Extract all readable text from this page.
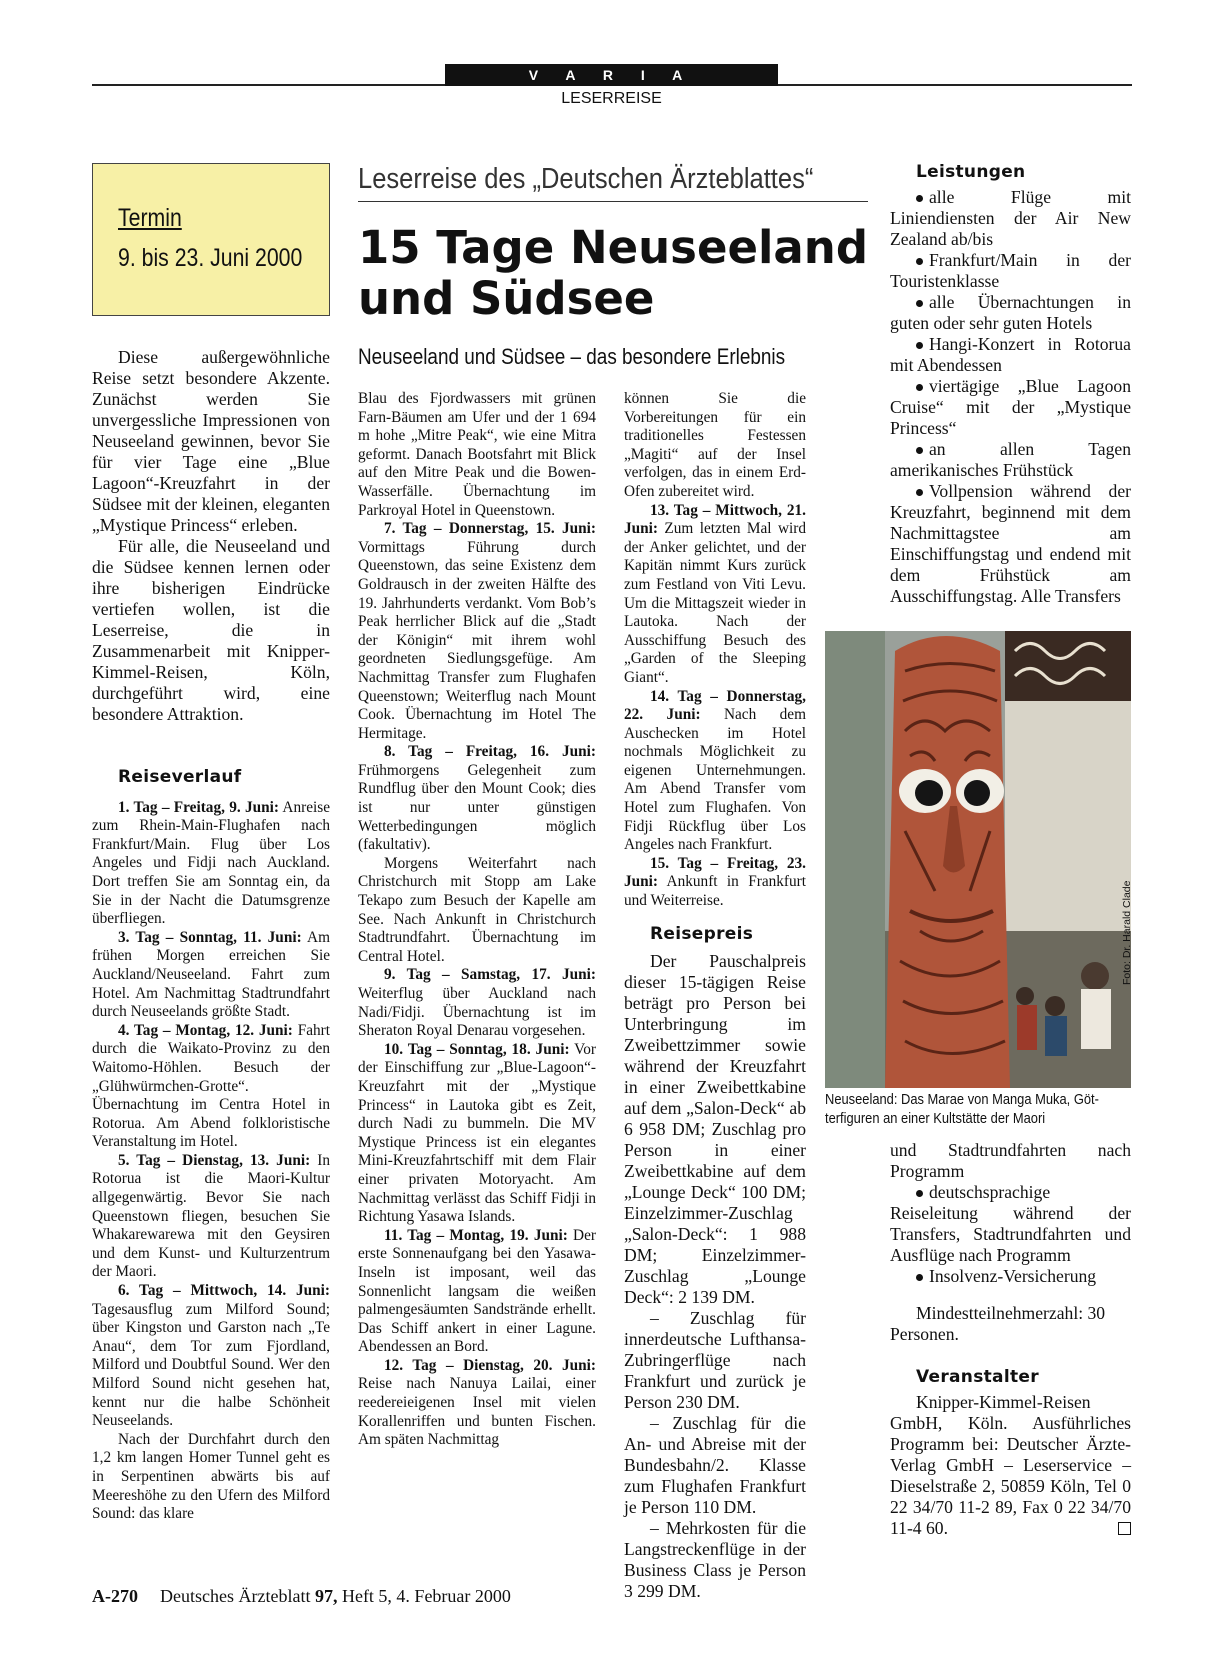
V A R I A
LESERREISE
Termin
9. bis 23. Juni 2000
Leserreise des „Deutschen Ärzteblattes“
15 Tage Neuseeland
und Südsee
Neuseeland und Südsee – das besondere Erlebnis

Diese außergewöhnliche Reise setzt besondere Akzente. Zunächst werden Sie unvergessliche Impressionen von Neuseeland gewinnen, bevor Sie für vier Tage eine „Blue Lagoon“-Kreuzfahrt in der Südsee mit der kleinen, eleganten „Mystique Princess“ erleben.

Für alle, die Neuseeland und die Südsee kennen lernen oder ihre bisherigen Eindrücke vertiefen wollen, ist die Leserreise, die in Zusammenarbeit mit Knipper-Kimmel-Reisen, Köln, durchgeführt wird, eine besondere Attraktion.

Reiseverlauf

1. Tag – Freitag, 9. Juni: Anreise zum Rhein-Main-Flughafen nach Frankfurt/Main. Flug über Los Angeles und Fidji nach Auckland. Dort treffen Sie am Sonntag ein, da Sie in der Nacht die Datumsgrenze überfliegen.

3. Tag – Sonntag, 11. Juni: Am frühen Morgen erreichen Sie Auckland/Neuseeland. Fahrt zum Hotel. Am Nachmittag Stadtrundfahrt durch Neuseelands größte Stadt.

4. Tag – Montag, 12. Juni: Fahrt durch die Waikato-Provinz zu den Waitomo-Höhlen. Besuch der „Glühwürmchen-Grotte“. Übernachtung im Centra Hotel in Rotorua. Am Abend folkloristische Veranstaltung im Hotel.

5. Tag – Dienstag, 13. Juni: In Rotorua ist die Maori-Kultur allgegenwärtig. Bevor Sie nach Queenstown fliegen, besuchen Sie Whakarewarewa mit den Geysiren und dem Kunst- und Kulturzentrum der Maori.

6. Tag – Mittwoch, 14. Juni: Tagesausflug zum Milford Sound; über Kingston und Garston nach „Te Anau“, dem Tor zum Fjordland, Milford und Doubtful Sound. Wer den Milford Sound nicht gesehen hat, kennt nur die halbe Schönheit Neuseelands.

Nach der Durchfahrt durch den 1,2 km langen Homer Tunnel geht es in Serpentinen abwärts bis auf Meereshöhe zu den Ufern des Milford Sound: das klare

Blau des Fjordwassers mit grünen Farn-Bäumen am Ufer und der 1 694 m hohe „Mitre Peak“, wie eine Mitra geformt. Danach Bootsfahrt mit Blick auf den Mitre Peak und die Bowen-Wasserfälle. Übernachtung im Parkroyal Hotel in Queenstown.

7. Tag – Donnerstag, 15. Juni: Vormittags Führung durch Queenstown, das seine Existenz dem Goldrausch in der zweiten Hälfte des 19. Jahrhunderts verdankt. Vom Bob’s Peak herrlicher Blick auf die „Stadt der Königin“ mit ihrem wohl geordneten Siedlungsgefüge. Am Nachmittag Transfer zum Flughafen Queenstown; Weiterflug nach Mount Cook. Übernachtung im Hotel The Hermitage.

8. Tag – Freitag, 16. Juni: Frühmorgens Gelegenheit zum Rundflug über den Mount Cook; dies ist nur unter günstigen Wetterbedingungen möglich (fakultativ).

Morgens Weiterfahrt nach Christchurch mit Stopp am Lake Tekapo zum Besuch der Kapelle am See. Nach Ankunft in Christchurch Stadtrundfahrt. Übernachtung im Central Hotel.

9. Tag – Samstag, 17. Juni: Weiterflug über Auckland nach Nadi/Fidji. Übernachtung ist im Sheraton Royal Denarau vorgesehen.

10. Tag – Sonntag, 18. Juni: Vor der Einschiffung zur „Blue-Lagoon“-Kreuzfahrt mit der „Mystique Princess“ in Lautoka gibt es Zeit, durch Nadi zu bummeln. Die MV Mystique Princess ist ein elegantes Mini-Kreuzfahrtschiff mit dem Flair einer privaten Motoryacht. Am Nachmittag verlässt das Schiff Fidji in Richtung Yasawa Islands.

11. Tag – Montag, 19. Juni: Der erste Sonnenaufgang bei den Yasawa-Inseln ist imposant, weil das Sonnenlicht langsam die weißen palmengesäumten Sandstrände erhellt. Das Schiff ankert in einer Lagune. Abendessen an Bord.

12. Tag – Dienstag, 20. Juni: Reise nach Nanuya Lailai, einer reedereieigenen Insel mit vielen Korallenriffen und bunten Fischen. Am späten Nachmittag

können Sie die Vorbereitungen für ein traditionelles Festessen „Magiti“ auf der Insel verfolgen, das in einem Erd-Ofen zubereitet wird.

13. Tag – Mittwoch, 21. Juni: Zum letzten Mal wird der Anker gelichtet, und der Kapitän nimmt Kurs zurück zum Festland von Viti Levu. Um die Mittagszeit wieder in Lautoka. Nach der Ausschiffung Besuch des „Garden of the Sleeping Giant“.

14. Tag – Donnerstag, 22. Juni: Nach dem Auschecken im Hotel nochmals Möglichkeit zu eigenen Unternehmungen. Am Abend Transfer vom Hotel zum Flughafen. Von Fidji Rückflug über Los Angeles nach Frankfurt.

15. Tag – Freitag, 23. Juni: Ankunft in Frankfurt und Weiterreise.

Reisepreis

Der Pauschalpreis dieser 15-tägigen Reise beträgt pro Person bei Unterbringung im Zweibettzimmer sowie während der Kreuzfahrt in einer Zweibettkabine auf dem „Salon-Deck“ ab 6 958 DM; Zuschlag pro Person in einer Zweibettkabine auf dem „Lounge Deck“ 100 DM; Einzelzimmer-Zuschlag „Salon-Deck“: 1 988 DM; Einzelzimmer-Zuschlag „Lounge Deck“: 2 139 DM.

– Zuschlag für innerdeutsche Lufthansa-Zubringerflüge nach Frankfurt und zurück je Person 230 DM.

– Zuschlag für die An- und Abreise mit der Bundesbahn/2. Klasse zum Flughafen Frankfurt je Person 110 DM.

– Mehrkosten für die Langstreckenflüge in der Business Class je Person 3 299 DM.

Leistungen

alle Flüge mit Liniendiensten der Air New Zealand ab/bis

Frankfurt/Main in der Touristenklasse

alle Übernachtungen in guten oder sehr guten Hotels

Hangi-Konzert in Rotorua mit Abendessen

viertägige „Blue Lagoon Cruise“ mit der „Mystique Princess“

an allen Tagen amerikanisches Frühstück

Vollpension während der Kreuzfahrt, beginnend mit dem Nachmittagstee am Einschiffungstag und endend mit dem Frühstück am Ausschiffungstag. Alle Transfers

Foto: Dr. Harald Clade
Neuseeland: Das Marae von Manga Muka, Göt-
terfiguren an einer Kultstätte der Maori

und Stadtrundfahrten nach Programm

deutschsprachige Reiseleitung während der Transfers, Stadtrundfahrten und Ausflüge nach Programm

Insolvenz-Versicherung

Mindestteilnehmerzahl: 30 Personen.

Veranstalter

Knipper-Kimmel-Reisen GmbH, Köln. Ausführliches Programm bei: Deutscher Ärzte-Verlag GmbH – Leserservice – Dieselstraße 2, 50859 Köln, Tel 0 22 34/70 11-2 89, Fax 0 22 34/70 11-4 60.

A-270 Deutsches Ärzteblatt 97, Heft 5, 4. Februar 2000
